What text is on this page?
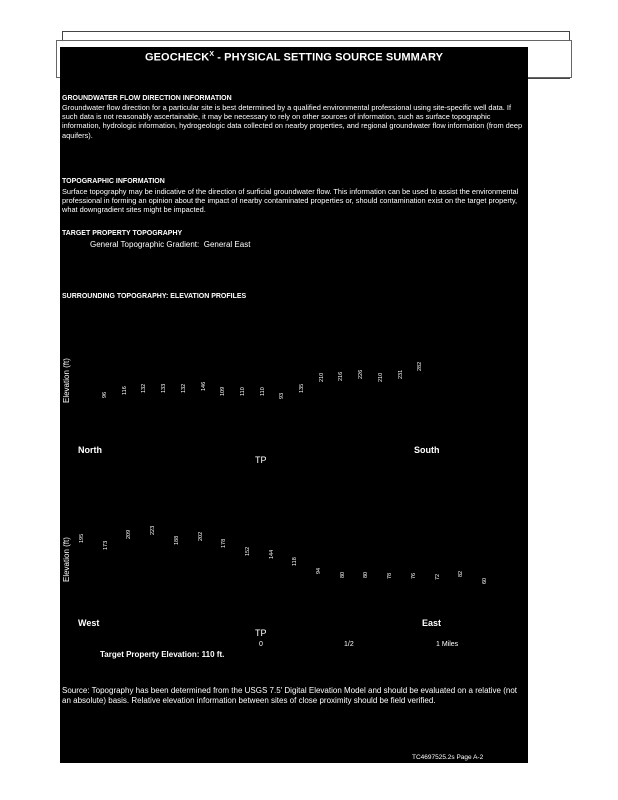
$GEOCHECK^X$ - PHYSICAL SETTING SOURCE SUMMARY
GROUNDWATER FLOW DIRECTION INFORMATION
Groundwater flow direction for a particular site is best determined by a qualified environmental professional using site-specific well data. If such data is not reasonably ascertainable, it may be necessary to rely on other sources of information, such as surface topographic information, hydrologic information, hydrogeologic data collected on nearby properties, and regional groundwater flow information (from deep aquifers).
TOPOGRAPHIC INFORMATION
Surface topography may be indicative of the direction of surficial groundwater flow. This information can be used to assist the environmental professional in forming an opinion about the impact of nearby contaminated properties or, should contamination exist on the target property, what downgradient sites might be impacted.
TARGET PROPERTY TOPOGRAPHY
General Topographic Gradient: General East
SURROUNDING TOPOGRAPHY: ELEVATION PROFILES
Elevation (ft)	96 116 132 133 132 146
109 110 110 93
135
210 216 226 210 231
282
North	South
TP
Elevation (ft) 195
173
209	223
188	202
178
152	144
118
94
80	80	78	76	72	82
60
West	East
TP
0	1/2	1 Miles
Target Property Elevation: 110 ft.
Source: Topography has been determined from the USGS 7.5' Digital Elevation Model and should be evaluated on a relative (not an absolute) basis. Relative elevation information between sites of close proximity should be field verified.
TC4697525.2s Page A-2
